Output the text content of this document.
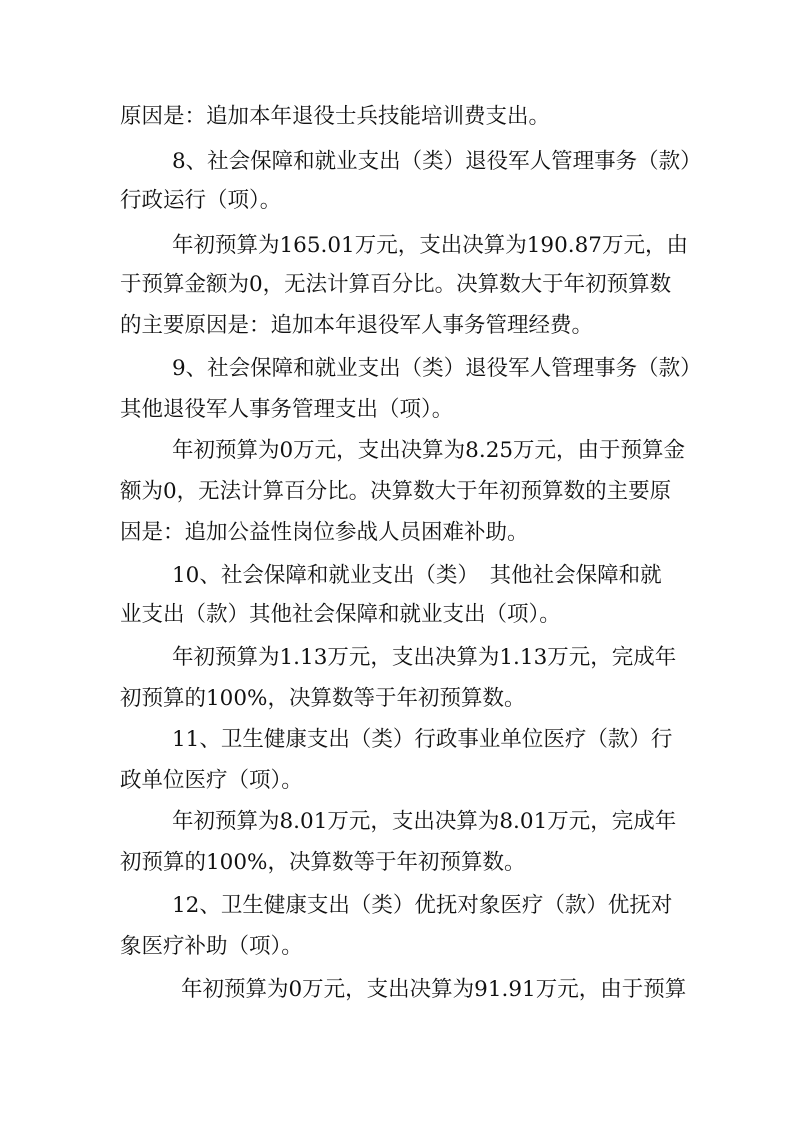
原因是：追加本年退役士兵技能培训费支出。
8、社会保障和就业支出（类）退役军人管理事务（款）
行政运行（项）。
年初预算为165.01万元，支出决算为190.87万元，由
于预算金额为0，无法计算百分比。决算数大于年初预算数
的主要原因是：追加本年退役军人事务管理经费。
9、社会保障和就业支出（类）退役军人管理事务（款）
其他退役军人事务管理支出（项）。
年初预算为0万元，支出决算为8.25万元，由于预算金
额为0，无法计算百分比。决算数大于年初预算数的主要原
因是：追加公益性岗位参战人员困难补助。
10、社会保障和就业支出（类）　其他社会保障和就
业支出（款）其他社会保障和就业支出（项）。
年初预算为1.13万元，支出决算为1.13万元，完成年
初预算的100%，决算数等于年初预算数。
11、卫生健康支出（类）行政事业单位医疗（款）行
政单位医疗（项）。
年初预算为8.01万元，支出决算为8.01万元，完成年
初预算的100%，决算数等于年初预算数。
12、卫生健康支出（类）优抚对象医疗（款）优抚对
象医疗补助（项）。
年初预算为0万元，支出决算为91.91万元，由于预算
